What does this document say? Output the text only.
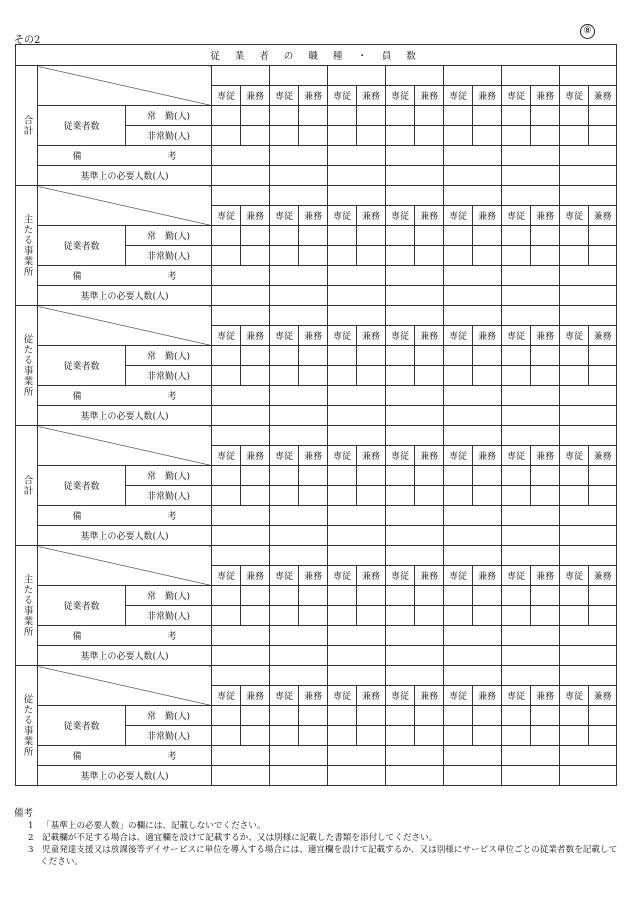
その2
⑧
従 業 者 の 職 種 ・ 員 数																
合計																
			専従	兼務	専従	兼務	専従	兼務	専従	兼務	専従	兼務	専従	兼務	専従	兼務
	従業者数	常　勤(人)														
		非常勤(人)														
	備 考															

	基準上の必要人数(人)															
主たる事業所																
			専従	兼務	専従	兼務	専従	兼務	専従	兼務	専従	兼務	専従	兼務	専従	兼務
	従業者数	常　勤(人)														
		非常勤(人)														
	備 考															

	基準上の必要人数(人)															
従たる事業所																
			専従	兼務	専従	兼務	専従	兼務	専従	兼務	専従	兼務	専従	兼務	専従	兼務
	従業者数	常　勤(人)														
		非常勤(人)														
	備 考															

	基準上の必要人数(人)															
合計																
			専従	兼務	専従	兼務	専従	兼務	専従	兼務	専従	兼務	専従	兼務	専従	兼務
	従業者数	常　勤(人)														
		非常勤(人)														
	備 考															

	基準上の必要人数(人)															
主たる事業所																
			専従	兼務	専従	兼務	専従	兼務	専従	兼務	専従	兼務	専従	兼務	専従	兼務
	従業者数	常　勤(人)														
		非常勤(人)														
	備 考															

	基準上の必要人数(人)															
従たる事業所																
			専従	兼務	専従	兼務	専従	兼務	専従	兼務	専従	兼務	専従	兼務	専従	兼務
	従業者数	常　勤(人)														
		非常勤(人)														
	備 考															

	基準上の必要人数(人)															
備考
1 「基準上の必要人数」の欄には、記載しないでください。
2 記載欄が不足する場合は、適宜欄を設けて記載するか、又は別様に記載した書類を添付してください。
3 児童発達支援又は放課後等デイサービスに単位を導入する場合には、適宜欄を設けて記載するか、又は別様にサービス単位ごとの従業者数を記載してください。
